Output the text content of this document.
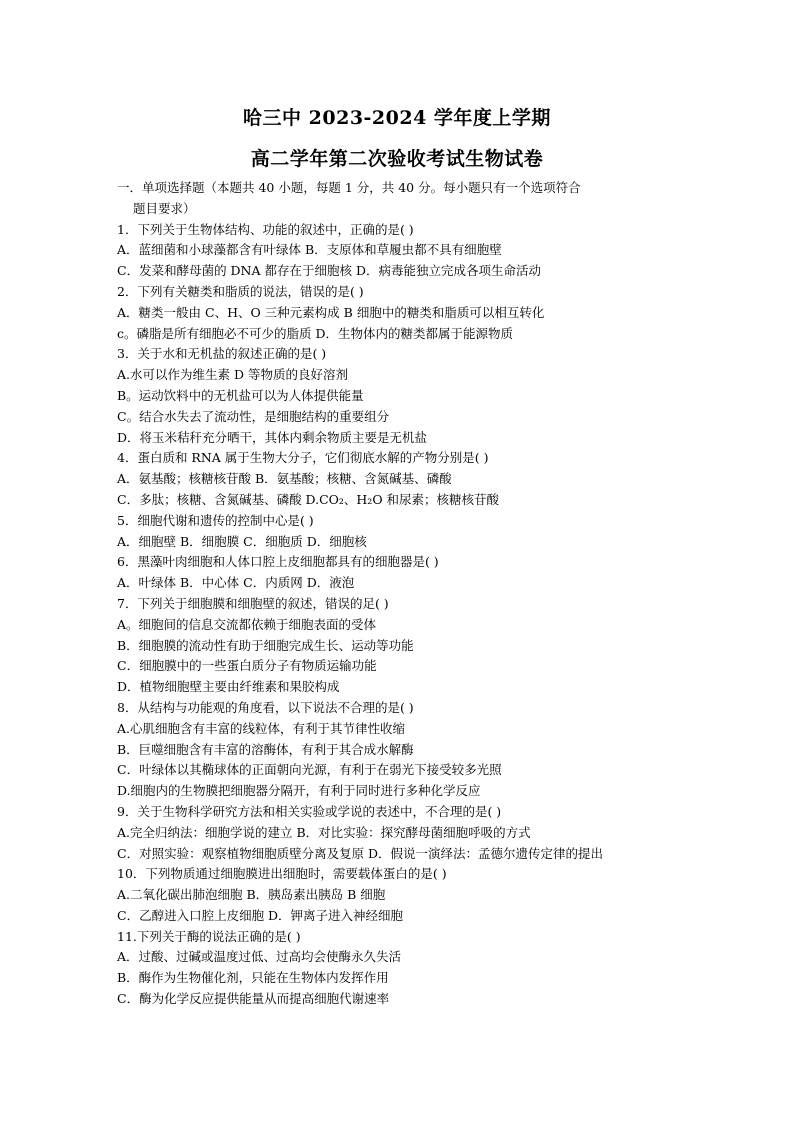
哈三中 2023-2024 学年度上学期
高二学年第二次验收考试生物试卷
一．单项选择题（本题共 40 小题，每题 1 分，共 40 分。每小题只有一个选项符合
题目要求）
1．下列关于生物体结构、功能的叙述中，正确的是( )
A．蓝细菌和小球藻都含有叶绿体 B．支原体和草履虫都不具有细胞壁
C．发菜和酵母菌的 DNA 都存在于细胞核 D．病毒能独立完成各项生命活动
2．下列有关糖类和脂质的说法，错误的是( )
A．糖类一般由 C、H、O 三种元素构成 B 细胞中的糖类和脂质可以相互转化
c。磷脂是所有细胞必不可少的脂质 D．生物体内的糖类都属于能源物质
3．关于水和无机盐的叙述正确的是( )
A.水可以作为维生素 D 等物质的良好溶剂
B。运动饮料中的无机盐可以为人体提供能量
C。结合水失去了流动性，是细胞结构的重要组分
D．将玉米秸秆充分晒干，其体内剩余物质主要是无机盐
4．蛋白质和 RNA 属于生物大分子，它们彻底水解的产物分别是( )
A．氨基酸；核糖核苷酸 B．氨基酸；核糖、含氮碱基、磷酸
C．多肽；核糖、含氮碱基、磷酸 D.CO₂、H₂O 和尿素；核糖核苷酸
5．细胞代谢和遗传的控制中心是( )
A．细胞壁 B．细胞膜 C．细胞质 D．细胞核
6．黑藻叶肉细胞和人体口腔上皮细胞都具有的细胞器是( )
A．叶绿体 B．中心体 C．内质网 D．液泡
7．下列关于细胞膜和细胞壁的叙述，错误的足( )
A。细胞间的信息交流都依赖于细胞表面的受体
B．细胞膜的流动性有助于细胞完成生长、运动等功能
C．细胞膜中的一些蛋白质分子有物质运输功能
D．植物细胞壁主要由纤维素和果胶构成
8．从结构与功能观的角度看，以下说法不合理的是( )
A.心肌细胞含有丰富的线粒体，有利于其节律性收缩
B．巨噬细胞含有丰富的溶酶体，有利于其合成水解酶
C．叶绿体以其椭球体的正面朝向光源，有利于在弱光下接受较多光照
D.细胞内的生物膜把细胞器分隔开，有利于同时进行多种化学反应
9．关于生物科学研究方法和相关实验或学说的表述中，不合理的是( )
A.完全归纳法：细胞学说的建立 B．对比实验：探究酵母菌细胞呼吸的方式
C．对照实验：观察植物细胞质壁分离及复原 D．假说一演绎法：孟德尔遗传定律的提出
10．下列物质通过细胞膜进出细胞时，需要载体蛋白的是( )
A.二氧化碳出肺泡细胞 B．胰岛素出胰岛 B 细胞
C．乙醇进入口腔上皮细胞 D．钾离子进入神经细胞
11.下列关于酶的说法正确的是( )
A．过酸、过碱或温度过低、过高均会使酶永久失活
B．酶作为生物催化剂，只能在生物体内发挥作用
C．酶为化学反应提供能量从而提高细胞代谢速率
